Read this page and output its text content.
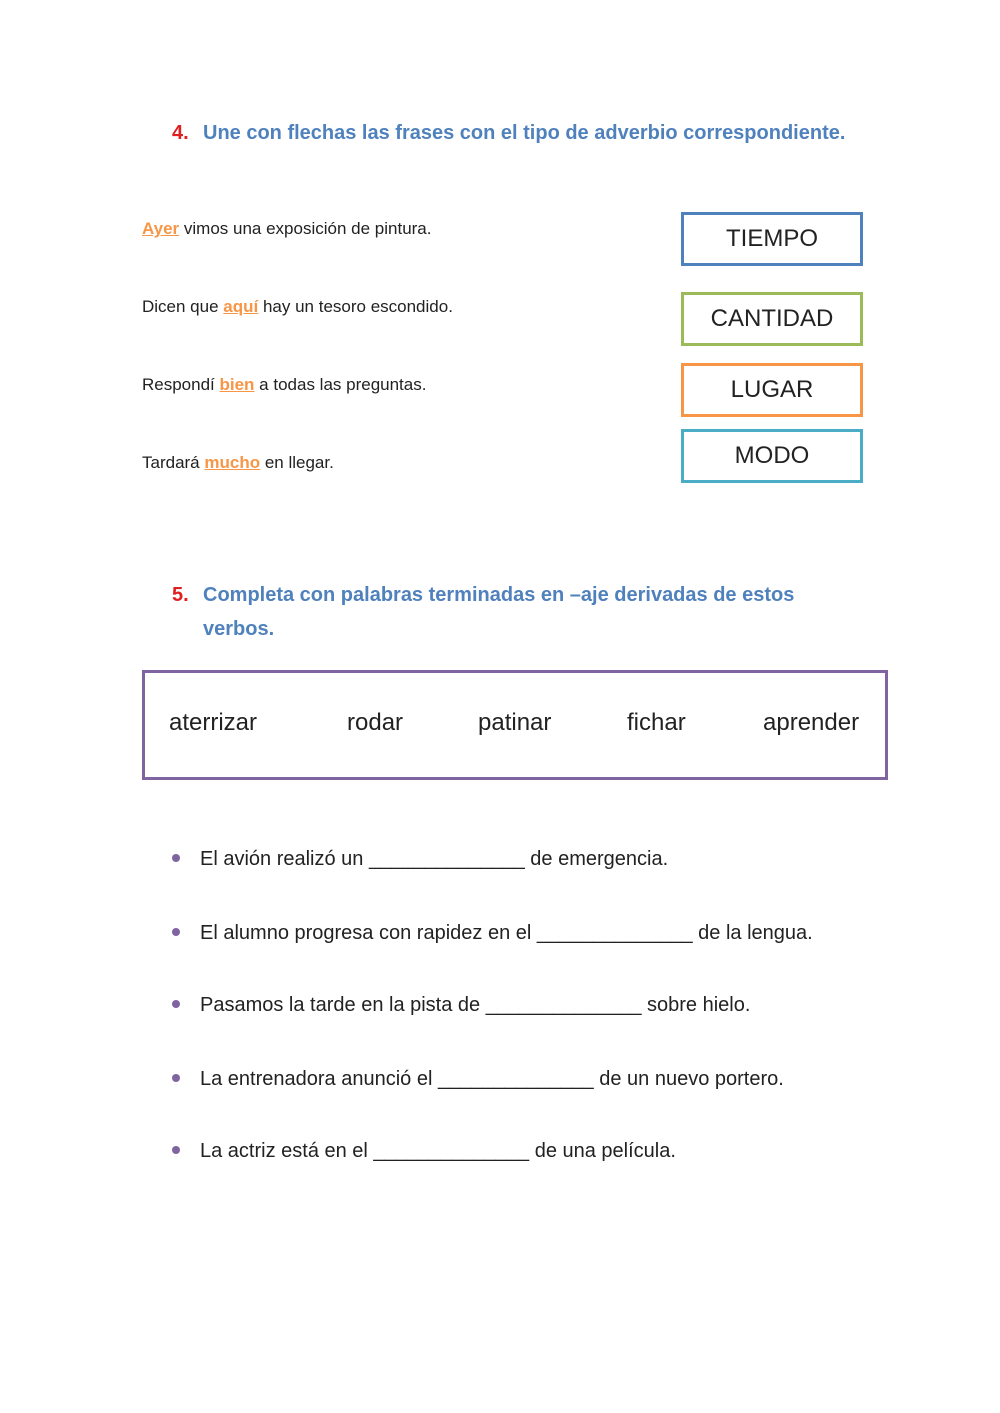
4. Une con flechas las frases con el tipo de adverbio correspondiente.
Ayer vimos una exposición de pintura.
Dicen que aquí hay un tesoro escondido.
Respondí bien a todas las preguntas.
Tardará mucho en llegar.
TIEMPO
CANTIDAD
LUGAR
MODO
5. Completa con palabras terminadas en –aje derivadas de estos verbos.
aterrizar	rodar	patinar	fichar	aprender
El avión realizó un ______________ de emergencia.
El alumno progresa con rapidez en el ______________ de la lengua.
Pasamos la tarde en la pista de ______________ sobre hielo.
La entrenadora anunció el ______________ de un nuevo portero.
La actriz está en el ______________ de una película.
